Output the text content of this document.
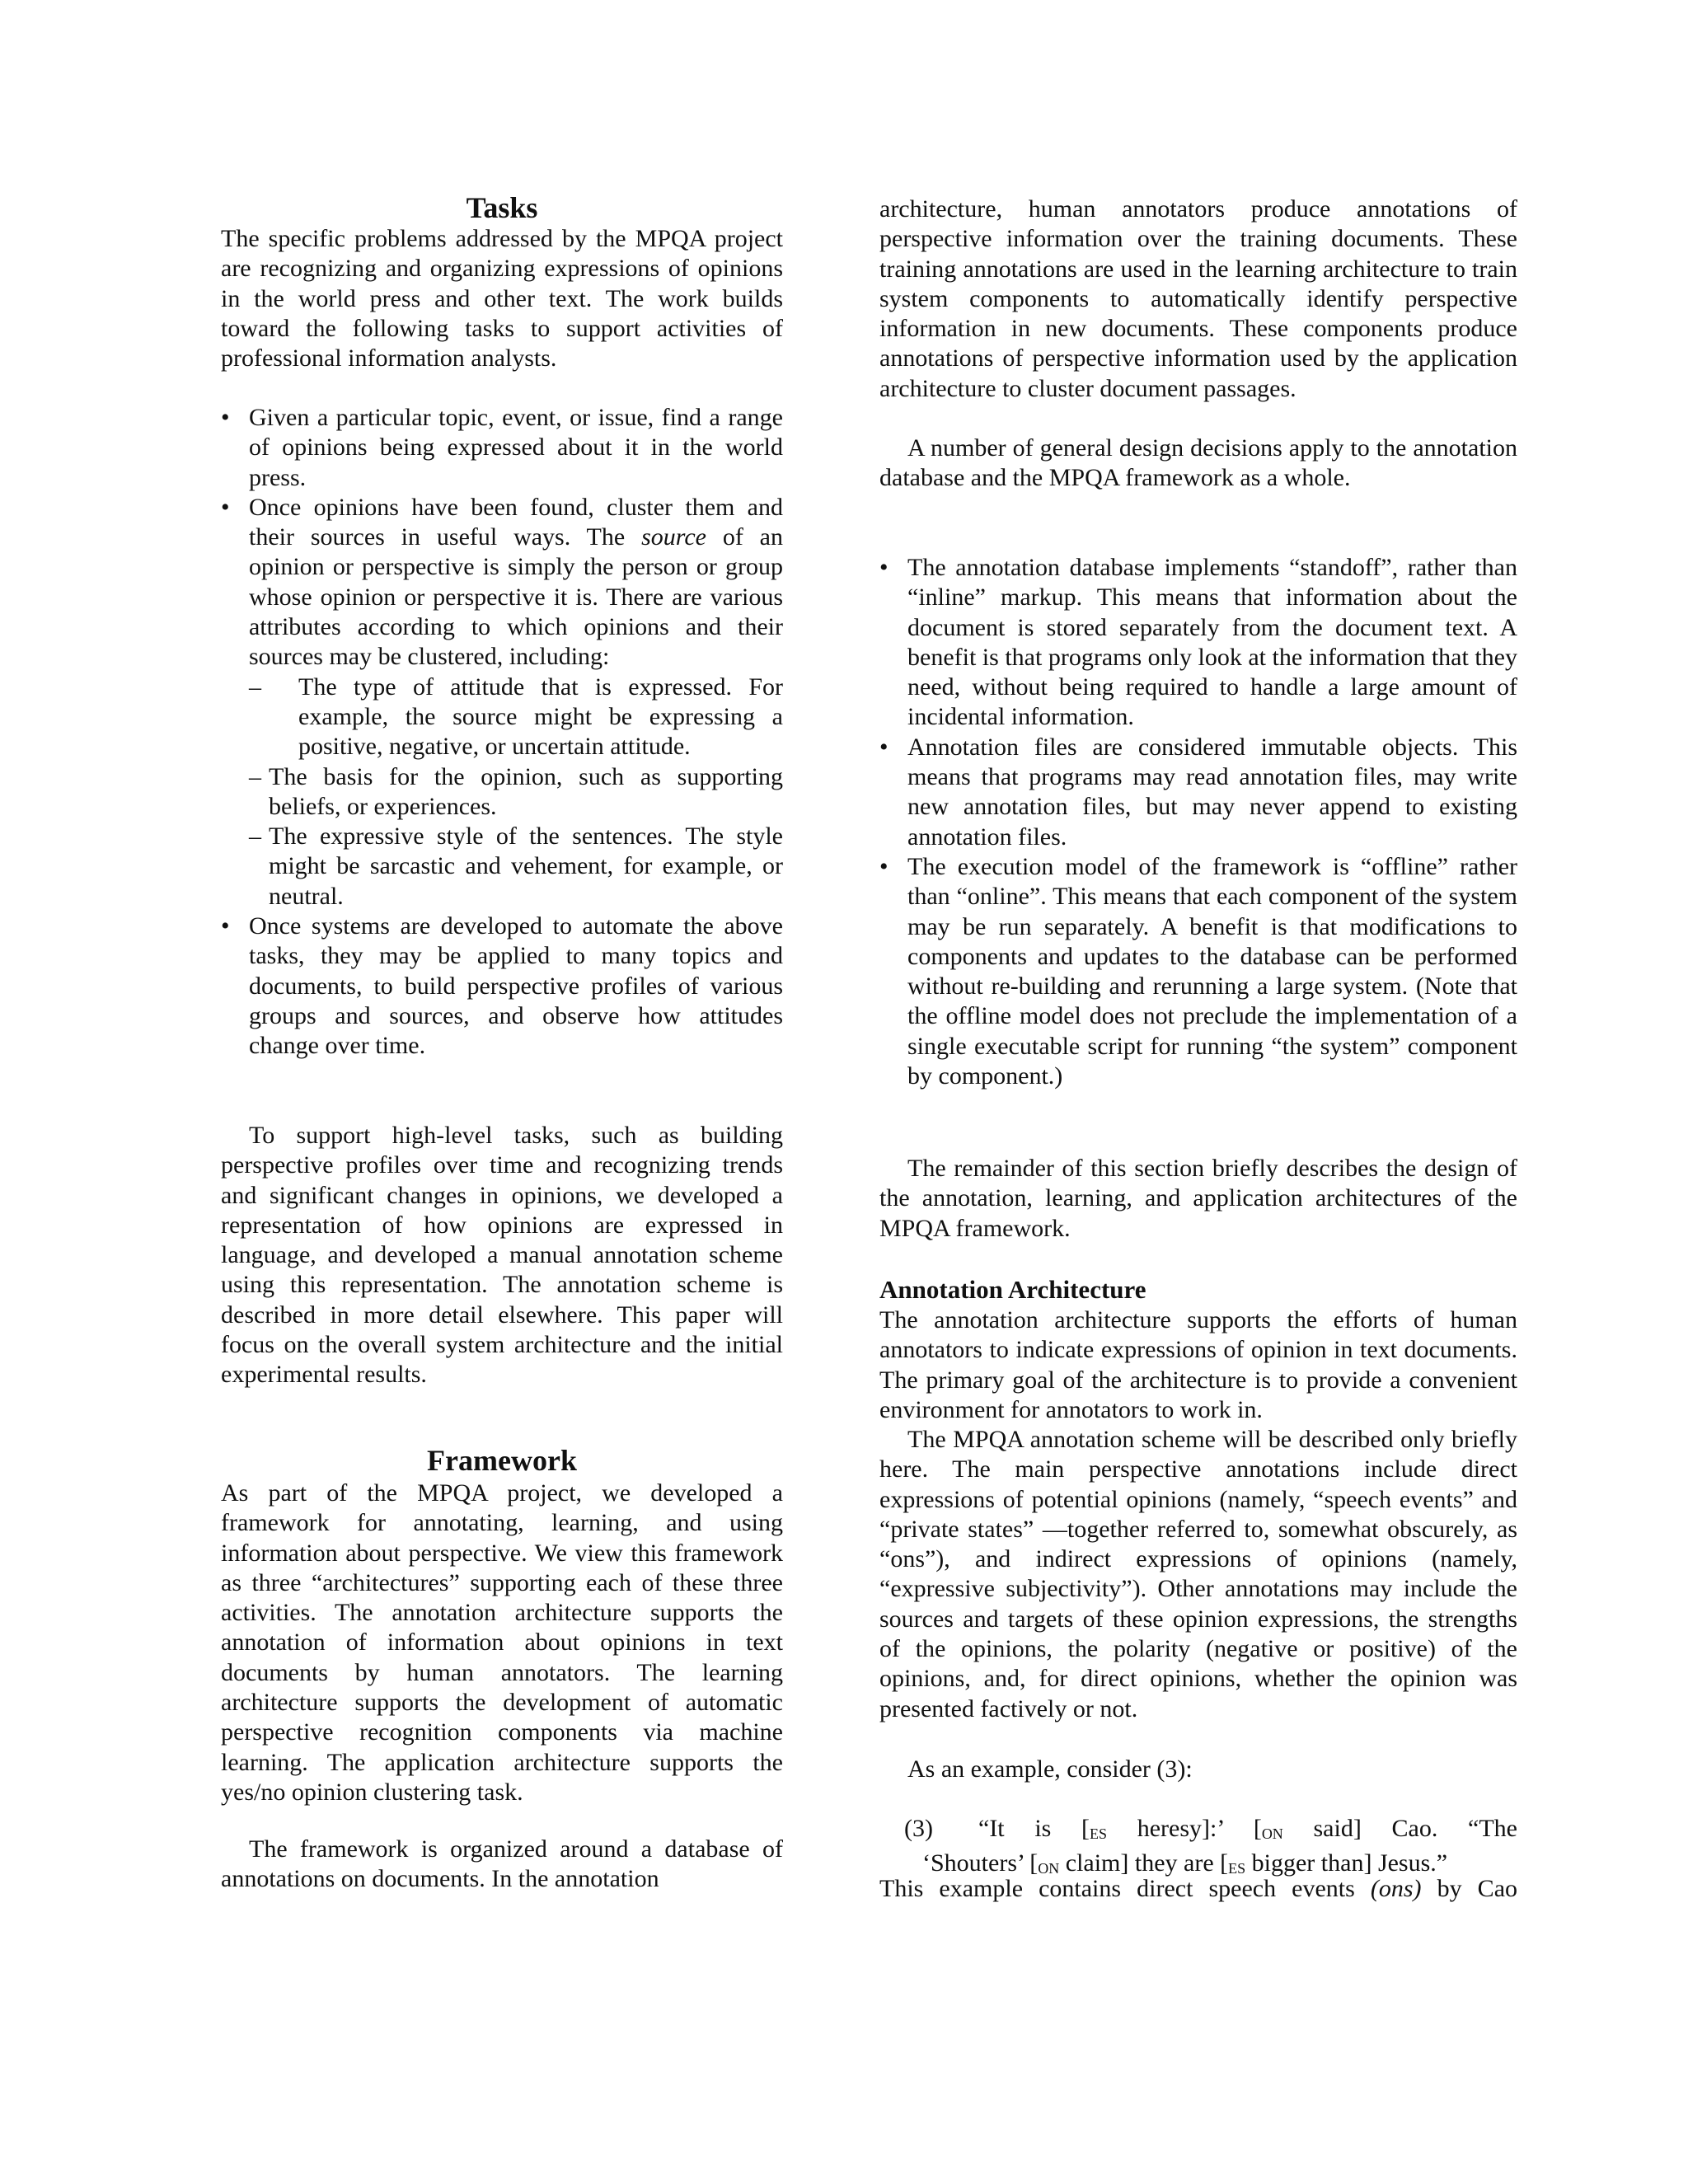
Tasks

The specific problems addressed by the MPQA project are recognizing and organizing expressions of opinions in the world press and other text. The work builds toward the following tasks to support activities of professional information analysts.

• Given a particular topic, event, or issue, find a range of opinions being expressed about it in the world press.
• Once opinions have been found, cluster them and their sources in useful ways. The source of an opinion or perspective is simply the person or group whose opinion or perspective it is. There are various attributes according to which opinions and their sources may be clustered, including:
– The type of attitude that is expressed. For example, the source might be expressing a positive, negative, or uncertain attitude.
– The basis for the opinion, such as supporting beliefs, or experiences.
– The expressive style of the sentences. The style might be sarcastic and vehement, for example, or neutral.
• Once systems are developed to automate the above tasks, they may be applied to many topics and documents, to build perspective profiles of various groups and sources, and observe how attitudes change over time.

To support high-level tasks, such as building perspective profiles over time and recognizing trends and significant changes in opinions, we developed a representation of how opinions are expressed in language, and developed a manual annotation scheme using this representation. The annotation scheme is described in more detail elsewhere. This paper will focus on the overall system architecture and the initial experimental results.

Framework

As part of the MPQA project, we developed a framework for annotating, learning, and using information about perspective. We view this framework as three “architectures” supporting each of these three activities. The annotation architecture supports the annotation of information about opinions in text documents by human annotators. The learning architecture supports the development of automatic perspective recognition components via machine learning. The application architecture supports the yes/no opinion clustering task.

The framework is organized around a database of annotations on documents. In the annotation

architecture, human annotators produce annotations of perspective information over the training documents. These training annotations are used in the learning architecture to train system components to automatically identify perspective information in new documents. These components produce annotations of perspective information used by the application architecture to cluster document passages.

A number of general design decisions apply to the annotation database and the MPQA framework as a whole.

• The annotation database implements “standoff”, rather than “inline” markup. This means that information about the document is stored separately from the document text. A benefit is that programs only look at the information that they need, without being required to handle a large amount of incidental information.
• Annotation files are considered immutable objects. This means that programs may read annotation files, may write new annotation files, but may never append to existing annotation files.
• The execution model of the framework is “offline” rather than “online”. This means that each component of the system may be run separately. A benefit is that modifications to components and updates to the database can be performed without re-building and rerunning a large system. (Note that the offline model does not preclude the implementation of a single executable script for running “the system” component by component.)

The remainder of this section briefly describes the design of the annotation, learning, and application architectures of the MPQA framework.

Annotation Architecture

The annotation architecture supports the efforts of human annotators to indicate expressions of opinion in text documents. The primary goal of the architecture is to provide a convenient environment for annotators to work in.

The MPQA annotation scheme will be described only briefly here. The main perspective annotations include direct expressions of potential opinions (namely, “speech events” and “private states” —together referred to, somewhat obscurely, as “ons”), and indirect expressions of opinions (namely, “expressive subjectivity”). Other annotations may include the sources and targets of these opinion expressions, the strengths of the opinions, the polarity (negative or positive) of the opinions, and, for direct opinions, whether the opinion was presented factively or not.

As an example, consider (3):

(3)	“It is [ES heresy]:’ [ON said] Cao. “The
‘Shouters’ [ON claim] they are [ES bigger than] Jesus.”

This example contains direct speech events (ons) by Cao
